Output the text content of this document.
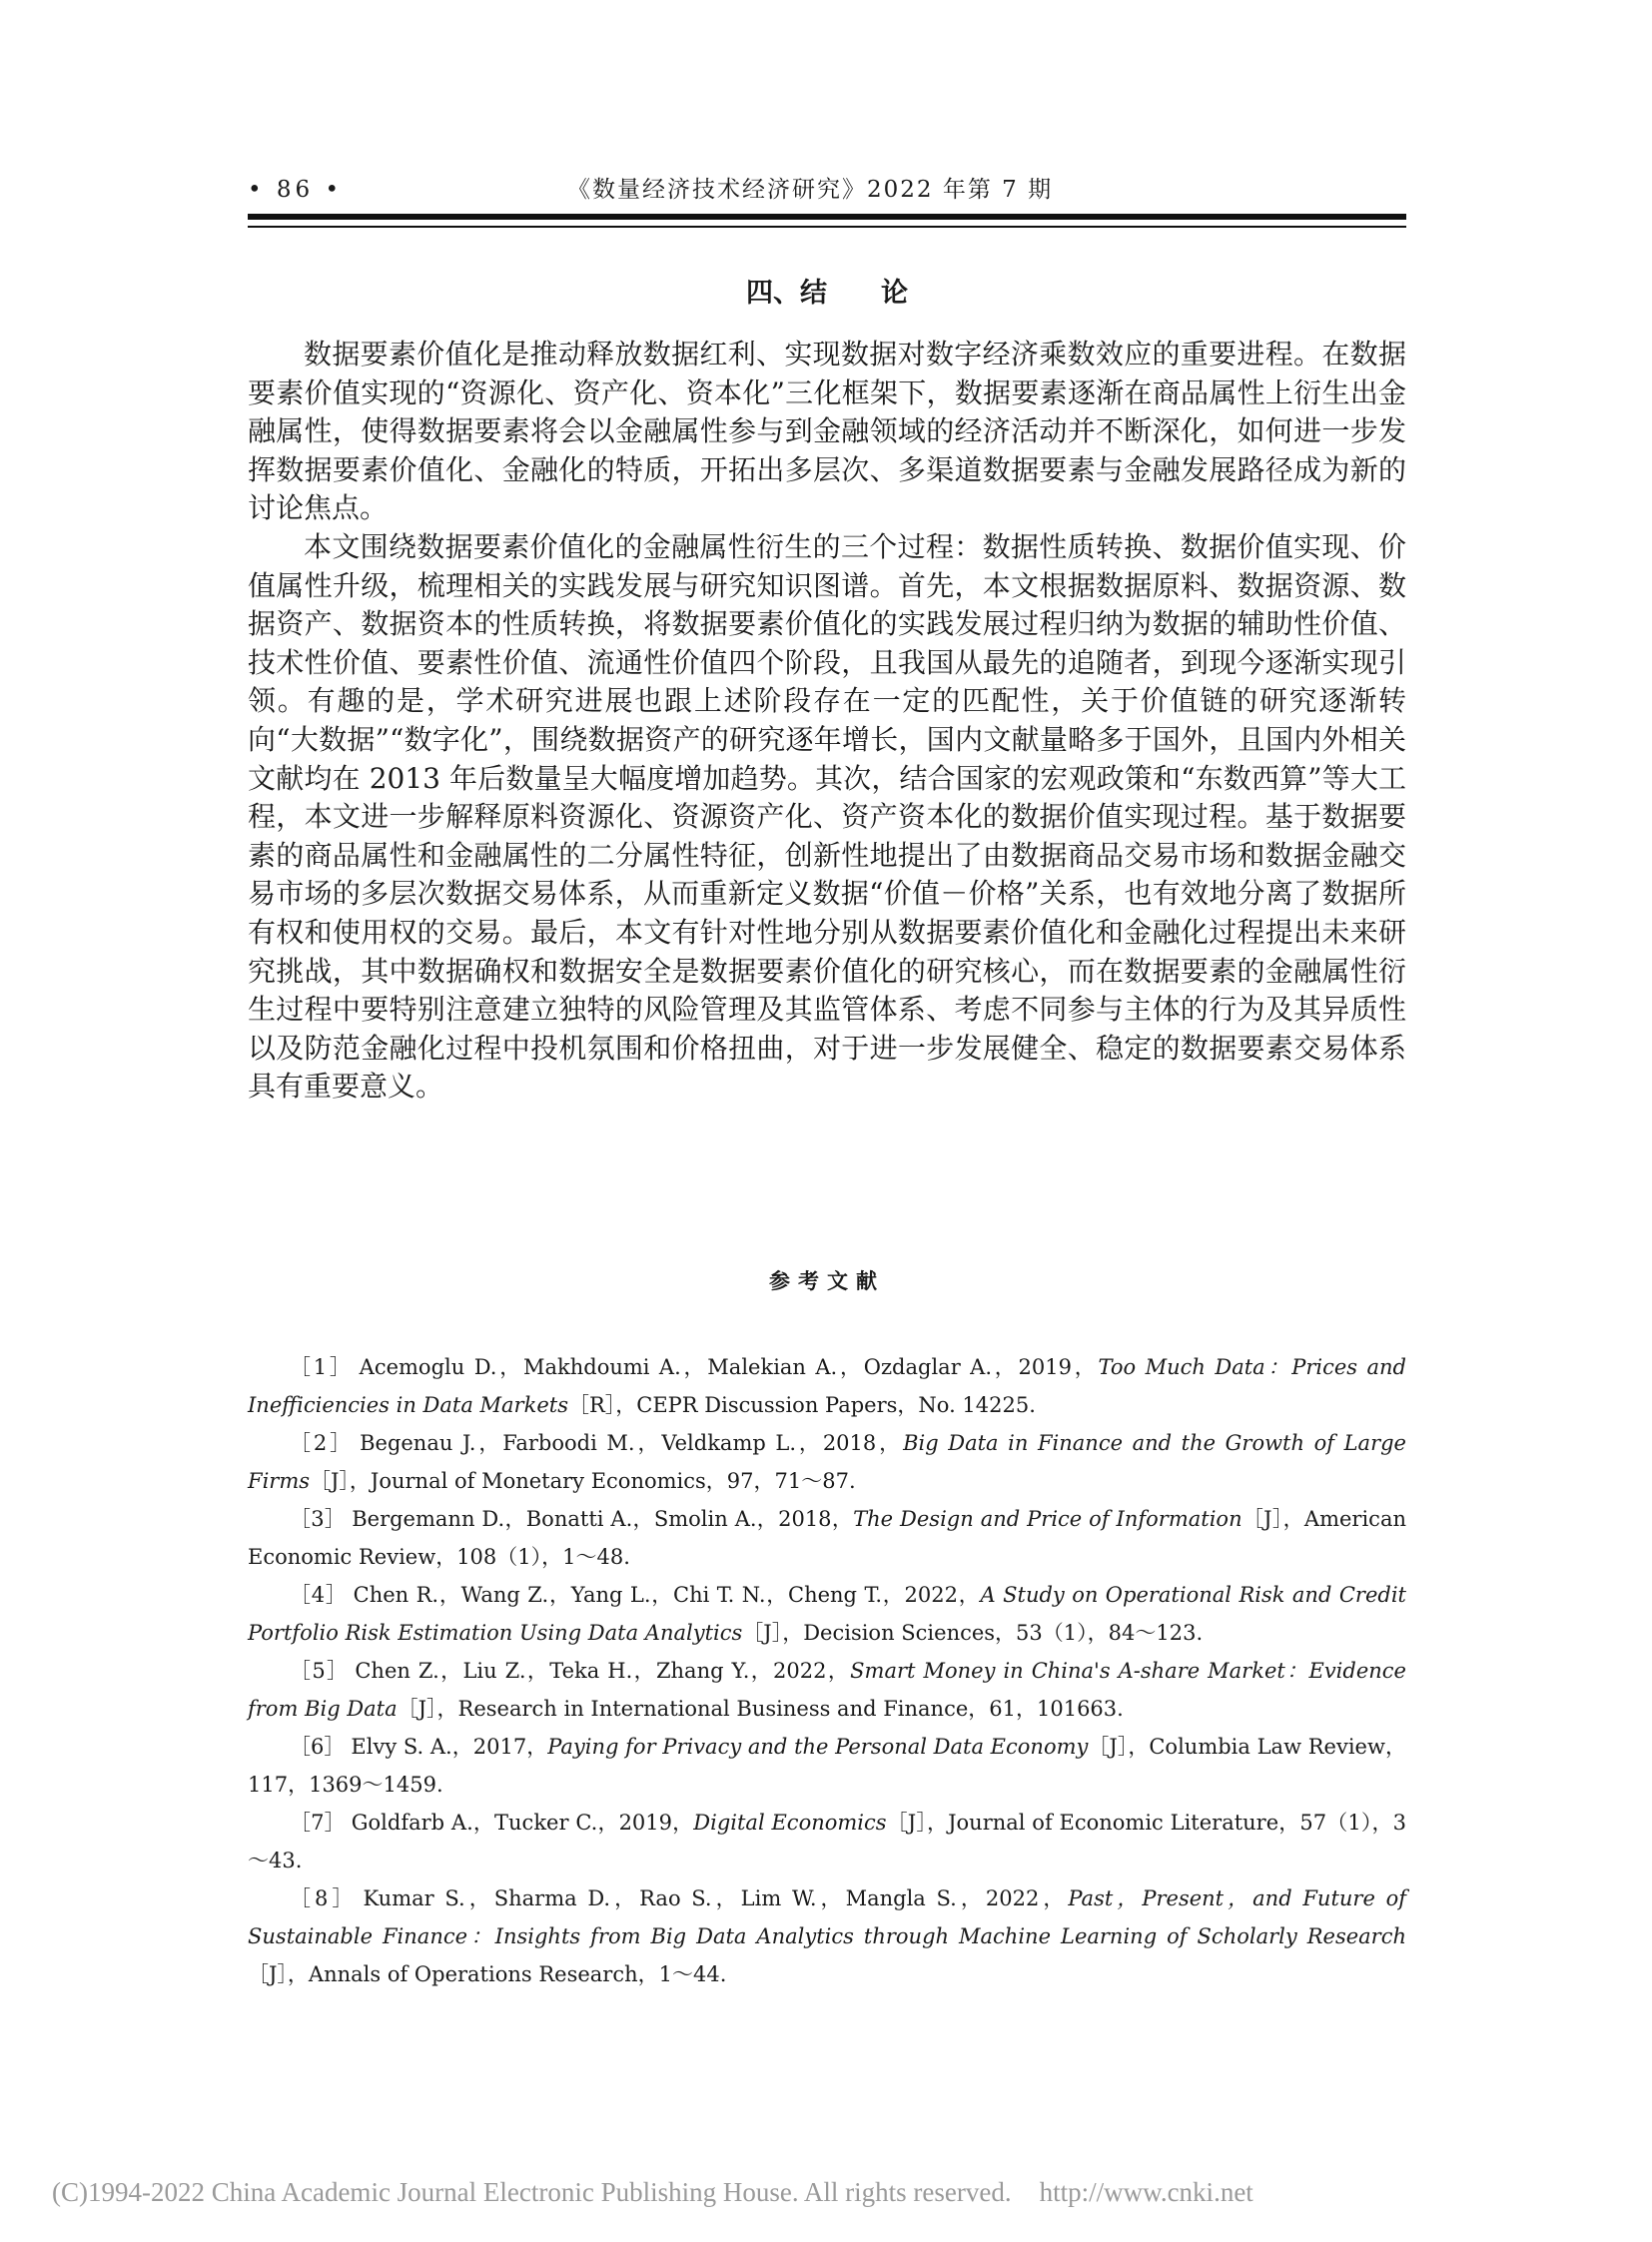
• 86 •	《数量经济技术经济研究》2022 年第 7 期
四、结　　论

数据要素价值化是推动释放数据红利、实现数据对数字经济乘数效应的重要进程。在数据要素价值实现的“资源化、资产化、资本化”三化框架下，数据要素逐渐在商品属性上衍生出金融属性，使得数据要素将会以金融属性参与到金融领域的经济活动并不断深化，如何进一步发挥数据要素价值化、金融化的特质，开拓出多层次、多渠道数据要素与金融发展路径成为新的讨论焦点。

本文围绕数据要素价值化的金融属性衍生的三个过程：数据性质转换、数据价值实现、价值属性升级，梳理相关的实践发展与研究知识图谱。首先，本文根据数据原料、数据资源、数据资产、数据资本的性质转换，将数据要素价值化的实践发展过程归纳为数据的辅助性价值、技术性价值、要素性价值、流通性价值四个阶段，且我国从最先的追随者，到现今逐渐实现引领。有趣的是，学术研究进展也跟上述阶段存在一定的匹配性，关于价值链的研究逐渐转向“大数据”“数字化”，围绕数据资产的研究逐年增长，国内文献量略多于国外，且国内外相关文献均在 2013 年后数量呈大幅度增加趋势。其次，结合国家的宏观政策和“东数西算”等大工程，本文进一步解释原料资源化、资源资产化、资产资本化的数据价值实现过程。基于数据要素的商品属性和金融属性的二分属性特征，创新性地提出了由数据商品交易市场和数据金融交易市场的多层次数据交易体系，从而重新定义数据“价值－价格”关系，也有效地分离了数据所有权和使用权的交易。最后，本文有针对性地分别从数据要素价值化和金融化过程提出未来研究挑战，其中数据确权和数据安全是数据要素价值化的研究核心，而在数据要素的金融属性衍生过程中要特别注意建立独特的风险管理及其监管体系、考虑不同参与主体的行为及其异质性以及防范金融化过程中投机氛围和价格扭曲，对于进一步发展健全、稳定的数据要素交易体系具有重要意义。

参考文献

［1］ Acemoglu D.，Makhdoumi A.，Malekian A.，Ozdaglar A.，2019，Too Much Data：Prices and Inefficiencies in Data Markets［R］，CEPR Discussion Papers，No. 14225.

［2］ Begenau J.，Farboodi M.，Veldkamp L.，2018，Big Data in Finance and the Growth of Large Firms［J］，Journal of Monetary Economics，97，71～87.

［3］ Bergemann D.，Bonatti A.，Smolin A.，2018，The Design and Price of Information［J］，American Economic Review，108（1），1～48.

［4］ Chen R.，Wang Z.，Yang L.，Chi T. N.，Cheng T.，2022，A Study on Operational Risk and Credit Portfolio Risk Estimation Using Data Analytics［J］，Decision Sciences，53（1），84～123.

［5］ Chen Z.，Liu Z.，Teka H.，Zhang Y.，2022，Smart Money in China's A-share Market：Evidence from Big Data［J］，Research in International Business and Finance，61，101663.

［6］ Elvy S. A.，2017，Paying for Privacy and the Personal Data Economy［J］，Columbia Law Review，117，1369～1459.

［7］ Goldfarb A.，Tucker C.，2019，Digital Economics［J］，Journal of Economic Literature，57（1），3～43.

［8］ Kumar S.，Sharma D.，Rao S.，Lim W.，Mangla S.，2022，Past，Present，and Future of Sustainable Finance：Insights from Big Data Analytics through Machine Learning of Scholarly Research［J］，Annals of Operations Research，1～44.

(C)1994-2022 China Academic Journal Electronic Publishing House. All rights reserved. http://www.cnki.net
